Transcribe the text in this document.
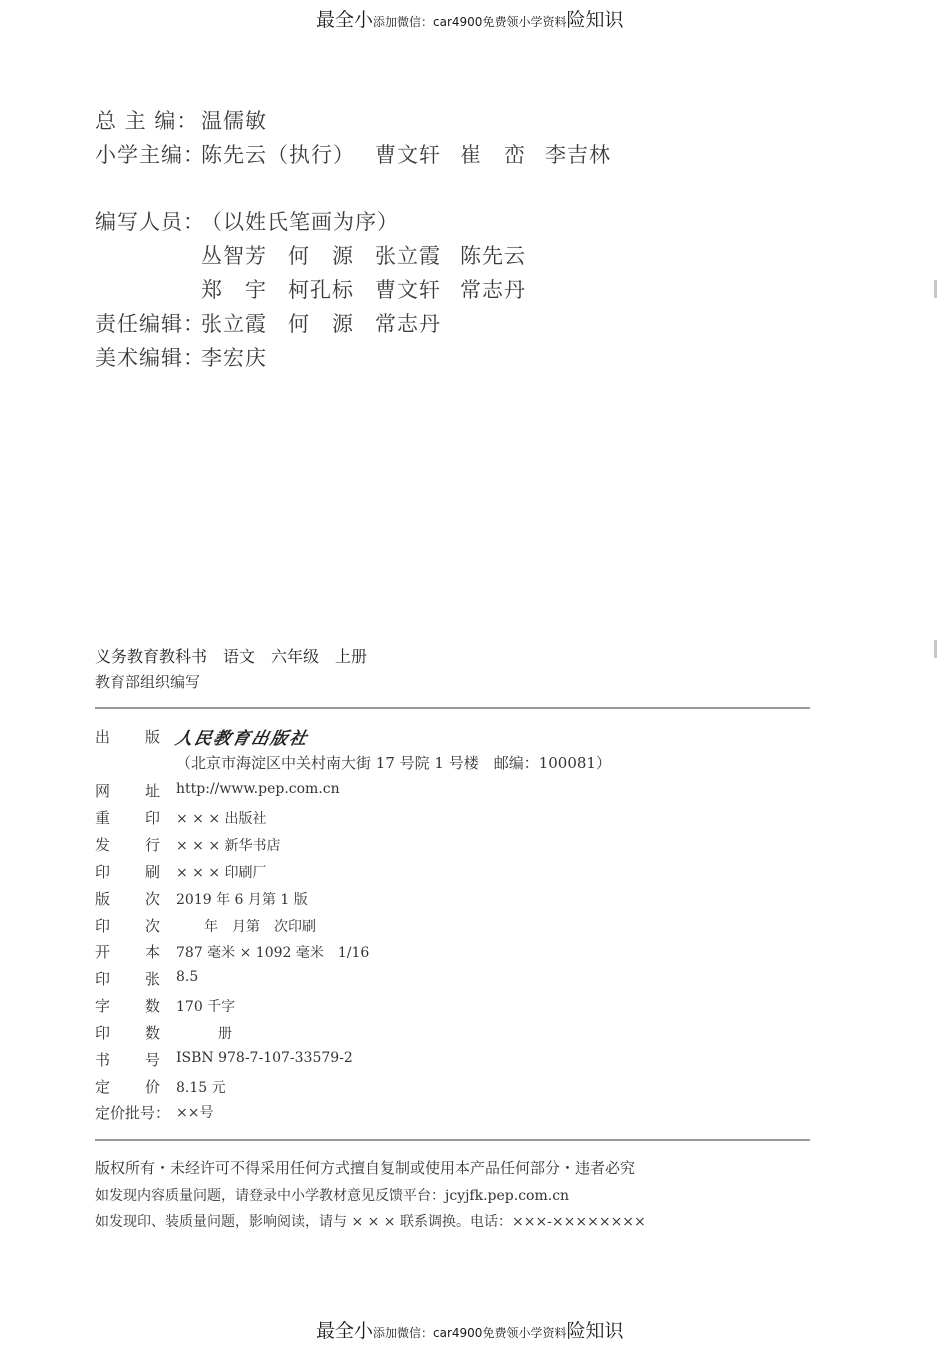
最全小添加微信：car4900免费领小学资料险知识
总 主 编： 温儒敏
小学主编：
陈先云（执行） 曹文轩 崔　峦 李吉林
编写人员：
（以姓氏笔画为序）
丛智芳 何　源 张立霞 陈先云
郑　宇 柯孔标 曹文轩 常志丹
责任编辑：
张立霞 何　源 常志丹
美术编辑：
李宏庆
义务教育教科书　语文　六年级　上册
教育部组织编写
出 版 人民教育出版社
（北京市海淀区中关村南大街 17 号院 1 号楼　邮编：100081）
网 址 http://www.pep.com.cn
重 印 × × × 出版社
发 行 × × × 新华书店
印 刷 × × × 印刷厂
版 次 2019 年 6 月第 1 版
印 次 　　年　月第　次印刷
开 本 787 毫米 × 1092 毫米　1/16
印 张 8.5
字 数 170 千字
印 数 　　　册
书 号 ISBN 978-7-107-33579-2
定 价 8.15 元
定价批号： ××号
版权所有・未经许可不得采用任何方式擅自复制或使用本产品任何部分・违者必究
如发现内容质量问题，请登录中小学教材意见反馈平台：jcyjfk.pep.com.cn
如发现印、装质量问题，影响阅读，请与 × × × 联系调换。电话：×××-××××××××
最全小添加微信：car4900免费领小学资料险知识
